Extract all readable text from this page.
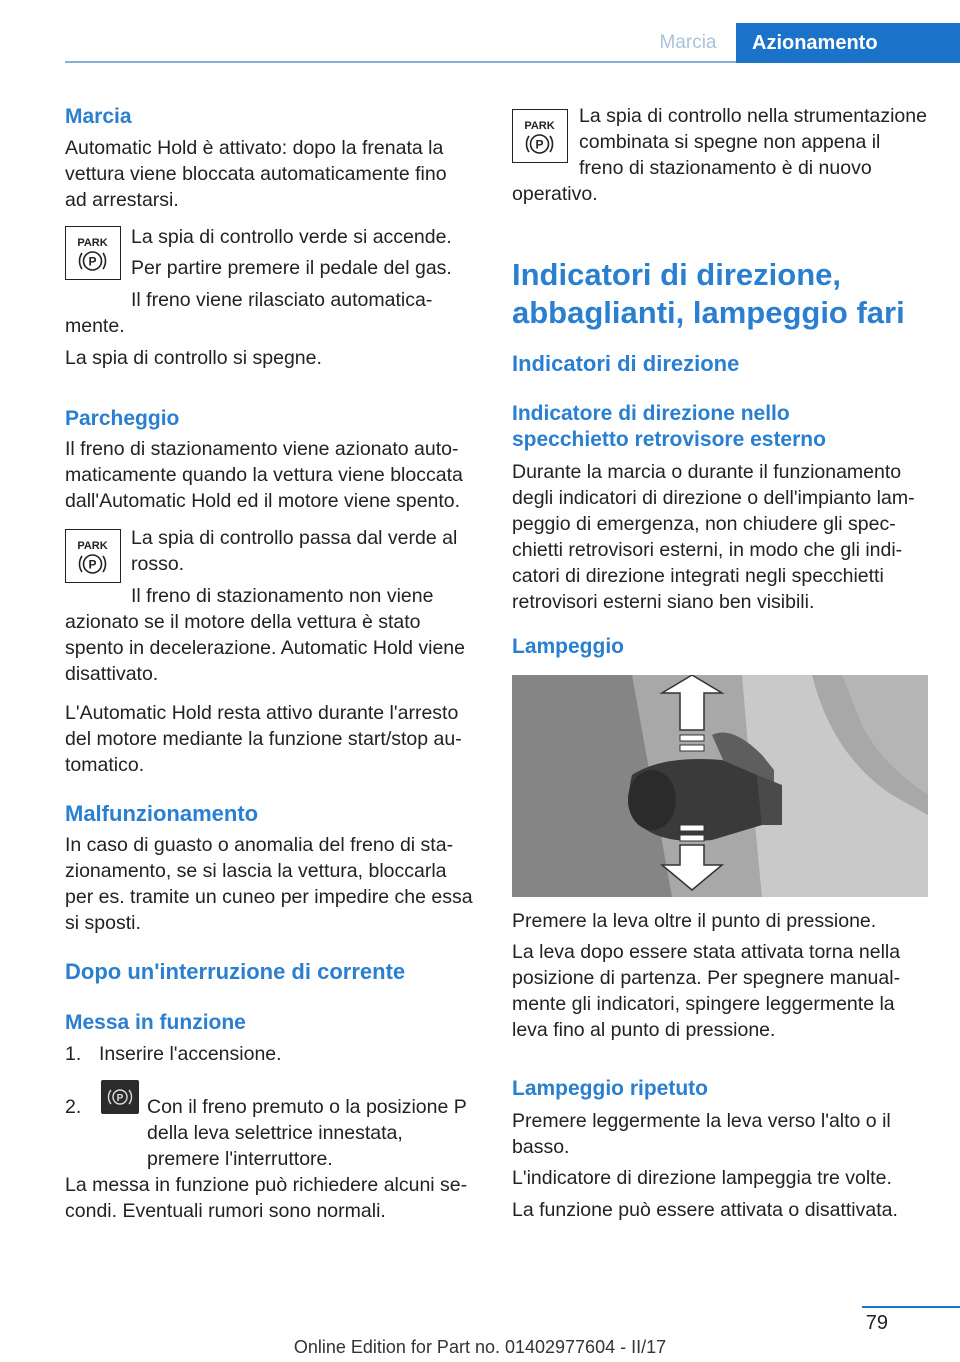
Marcia	Azionamento
Marcia
Automatic Hold è attivato: dopo la frenata la vettura viene bloccata automaticamente fino ad arrestarsi.
PARK
P
La spia di controllo verde si accende.
Per partire premere il pedale del gas.
Il freno viene rilasciato automatica-
mente.
La spia di controllo si spegne.
Parcheggio
Il freno di stazionamento viene azionato automaticamente quando la vettura viene bloccata dall'Automatic Hold ed il motore viene spento.
PARK
P
La spia di controllo passa dal verde al rosso.
Il freno di stazionamento non viene
azionato se il motore della vettura è stato spento in decelerazione. Automatic Hold viene disattivato.
L'Automatic Hold resta attivo durante l'arresto del motore mediante la funzione start/stop automatico.
Malfunzionamento
In caso di guasto o anomalia del freno di stazionamento, se si lascia la vettura, bloccarla per es. tramite un cuneo per impedire che essa si sposti.
Dopo un'interruzione di corrente
Messa in funzione
1. Inserire l'accensione.
2.	P Con il freno premuto o la posizione P della leva selettrice innestata, premere l'interruttore.
La messa in funzione può richiedere alcuni secondi. Eventuali rumori sono normali.
PARK
P
La spia di controllo nella strumentazione combinata si spegne non appena il freno di stazionamento è di nuovo
operativo.
Indicatori di direzione, abbaglianti, lampeggio fari
Indicatori di direzione
Indicatore di direzione nello specchietto retrovisore esterno
Durante la marcia o durante il funzionamento degli indicatori di direzione o dell'impianto lampeggio di emergenza, non chiudere gli specchietti retrovisori esterni, in modo che gli indicatori di direzione integrati negli specchietti retrovisori esterni siano ben visibili.
Lampeggio
Premere la leva oltre il punto di pressione.
La leva dopo essere stata attivata torna nella posizione di partenza. Per spegnere manualmente gli indicatori, spingere leggermente la leva fino al punto di pressione.
Lampeggio ripetuto
Premere leggermente la leva verso l'alto o il basso.
L'indicatore di direzione lampeggia tre volte.
La funzione può essere attivata o disattivata.
79
Online Edition for Part no. 01402977604 - II/17
